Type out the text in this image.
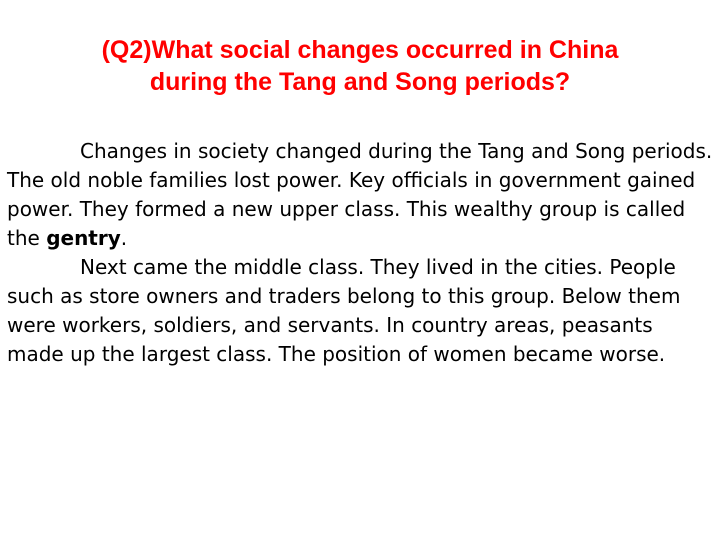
(Q2)What social changes occurred in China
during the Tang and Song periods?

Changes in society changed during the Tang and Song periods. The old noble families lost power. Key officials in government gained power. They formed a new upper class. This wealthy group is called the gentry.

Next came the middle class. They lived in the cities. People such as store owners and traders belong to this group. Below them were workers, soldiers, and servants. In country areas, peasants made up the largest class. The position of women became worse.
